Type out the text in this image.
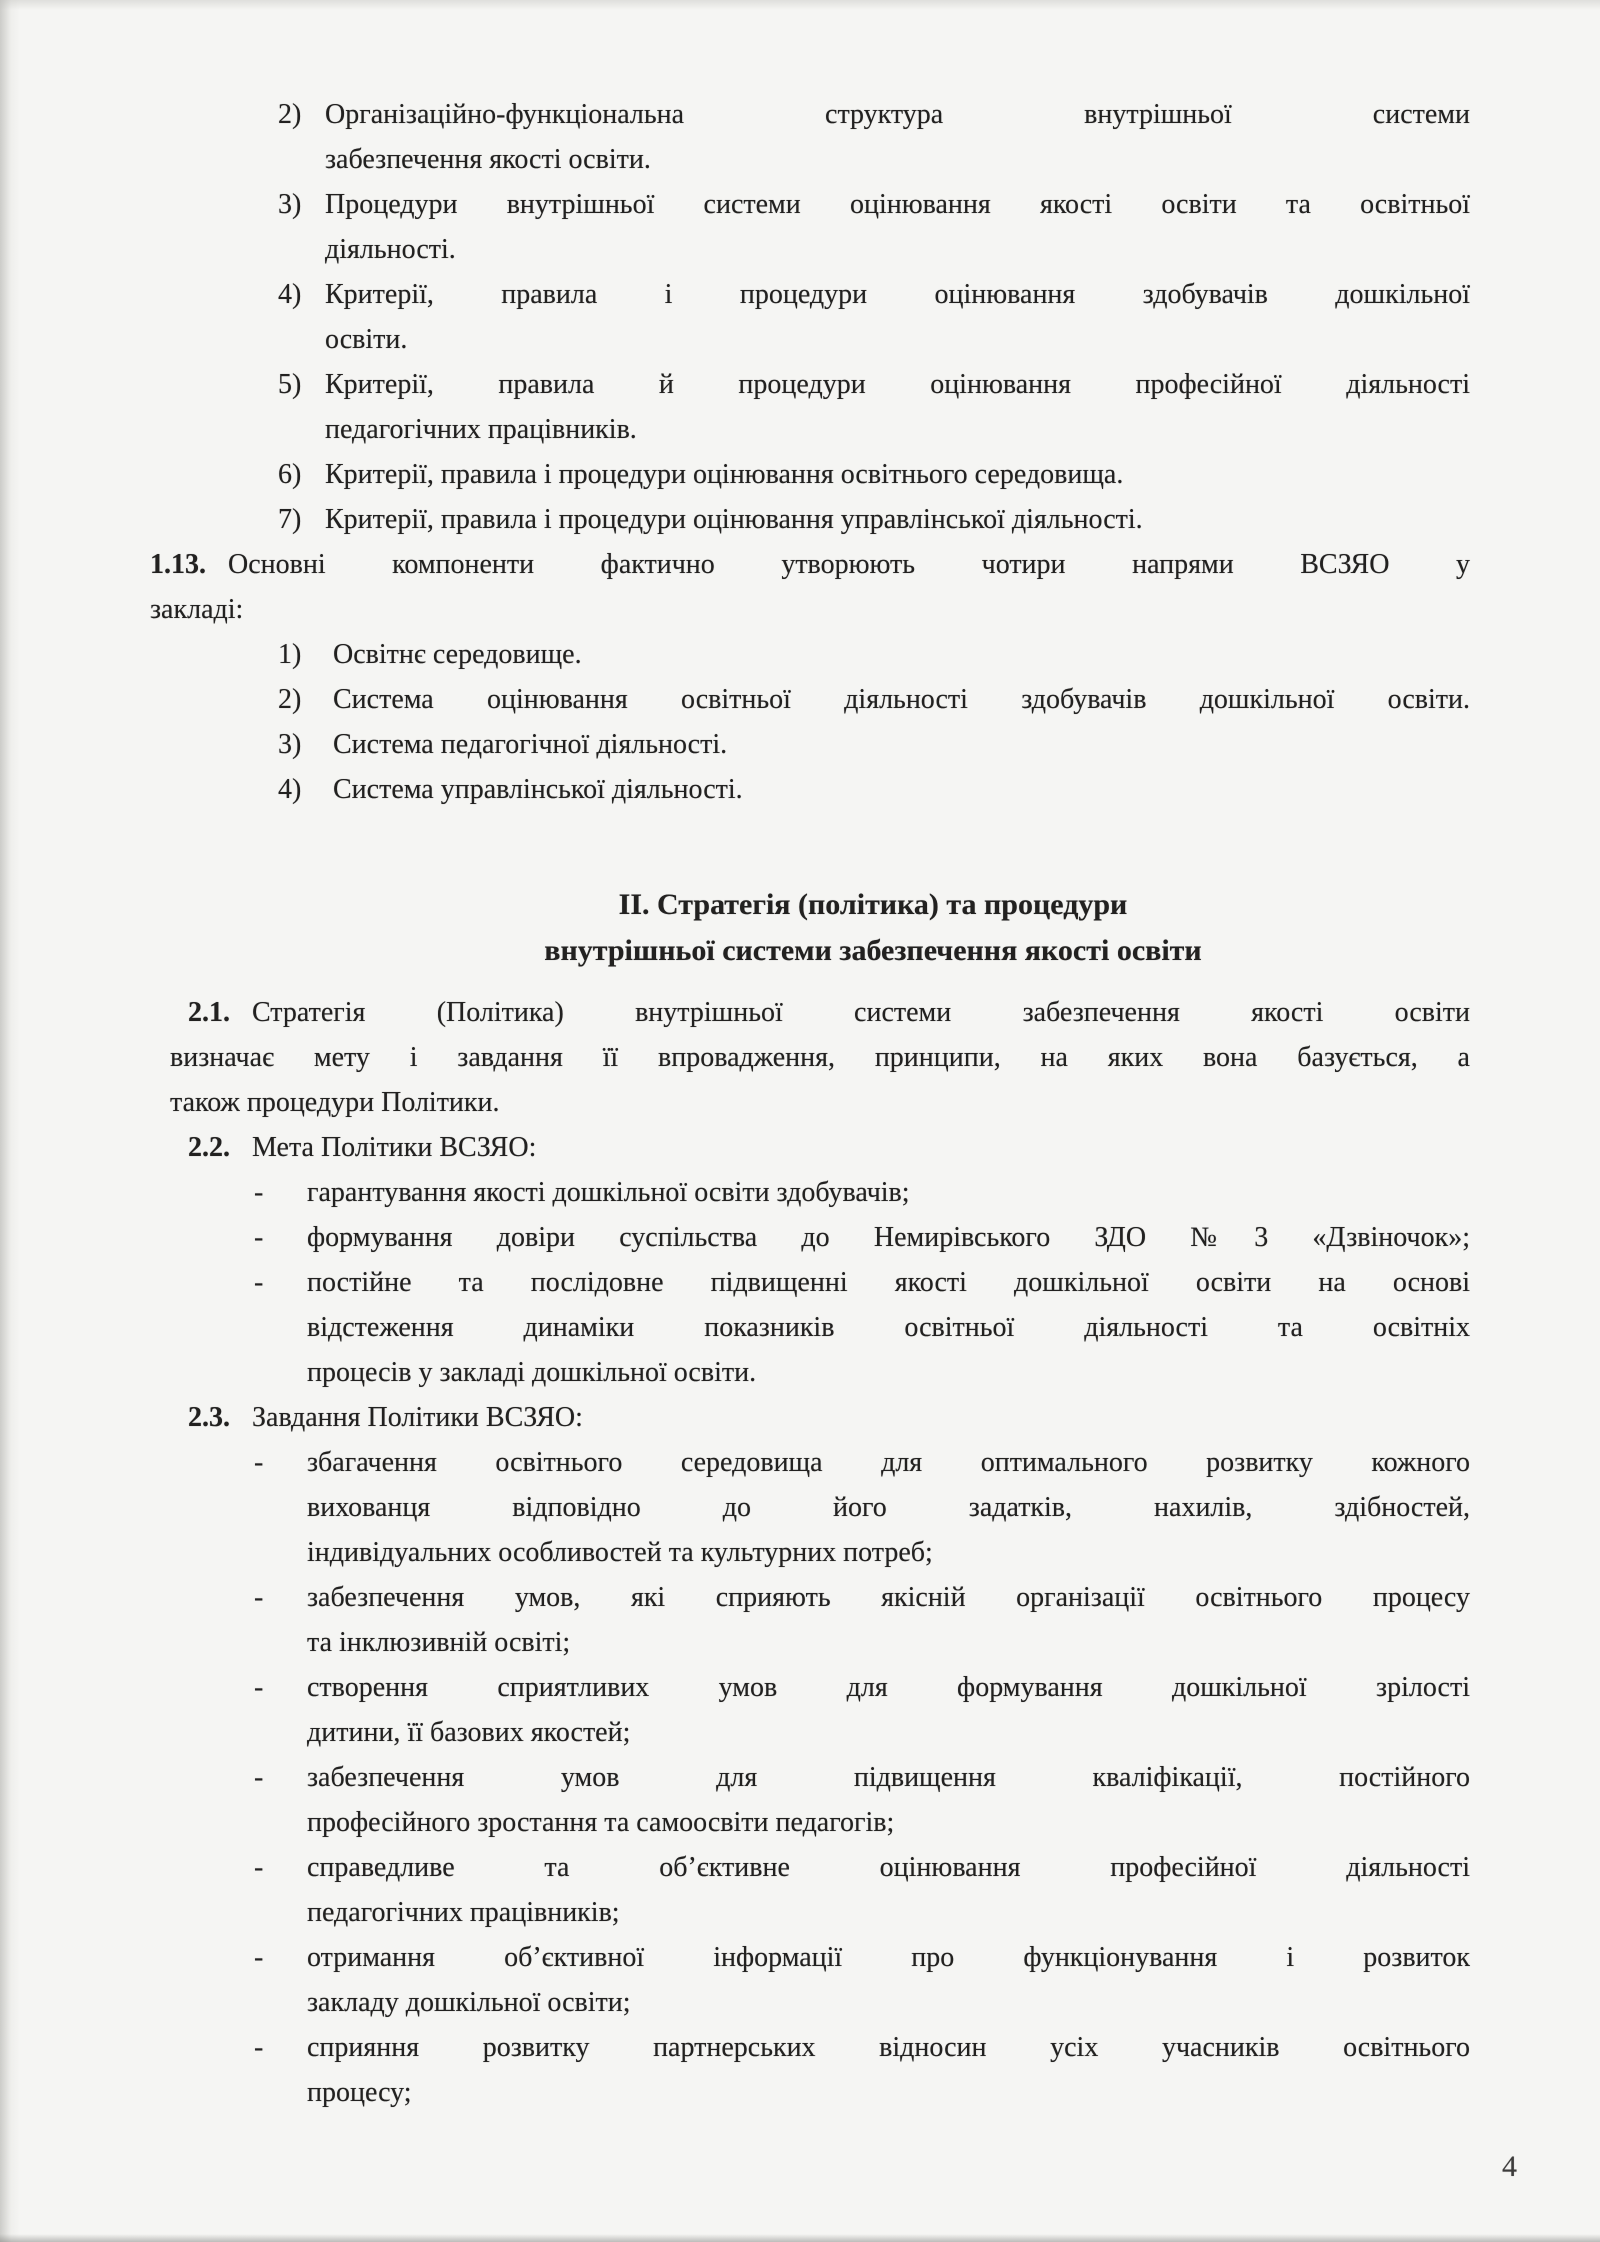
2) Організаційно-функціональна структура внутрішньої системи
забезпечення якості освіти.
3) Процедури внутрішньої системи оцінювання якості освіти та освітньої
діяльності.
4) Критерії, правила і процедури оцінювання здобувачів дошкільної
освіти.
5) Критерії, правила й процедури оцінювання професійної діяльності
педагогічних працівників.
6) Критерії, правила і процедури оцінювання освітнього середовища.
7) Критерії, правила і процедури оцінювання управлінської діяльності.
1.13. Основні компоненти фактично утворюють чотири напрями ВСЗЯО у
закладі:
1) Освітнє середовище.
2) Система оцінювання освітньої діяльності здобувачів дошкільної освіти.
3) Система педагогічної діяльності.
4) Система управлінської діяльності.
ІІ. Стратегія (політика) та процедури
внутрішньої системи забезпечення якості освіти
2.1. Стратегія (Політика) внутрішньої системи забезпечення якості освіти
визначає мету і завдання її впровадження, принципи, на яких вона базується, а
також процедури Політики.
2.2. Мета Політики ВСЗЯО:
- гарантування якості дошкільної освіти здобувачів;
- формування довіри суспільства до Немирівського ЗДО №3 «Дзвіночок»;
- постійне та послідовне підвищенні якості дошкільної освіти на основі
відстеження динаміки показників освітньої діяльності та освітніх
процесів у закладі дошкільної освіти.
2.3. Завдання Політики ВСЗЯО:
- збагачення освітнього середовища для оптимального розвитку кожного
вихованця відповідно до його задатків, нахилів, здібностей,
індивідуальних особливостей та культурних потреб;
- забезпечення умов, які сприяють якісній організації освітнього процесу
та інклюзивній освіті;
- створення сприятливих умов для формування дошкільної зрілості
дитини, її базових якостей;
- забезпечення умов для підвищення кваліфікації, постійного
професійного зростання та самоосвіти педагогів;
- справедливе та об’єктивне оцінювання професійної діяльності
педагогічних працівників;
- отримання об’єктивної інформації про функціонування і розвиток
закладу дошкільної освіти;
- сприяння розвитку партнерських відносин усіх учасників освітнього
процесу;
4
